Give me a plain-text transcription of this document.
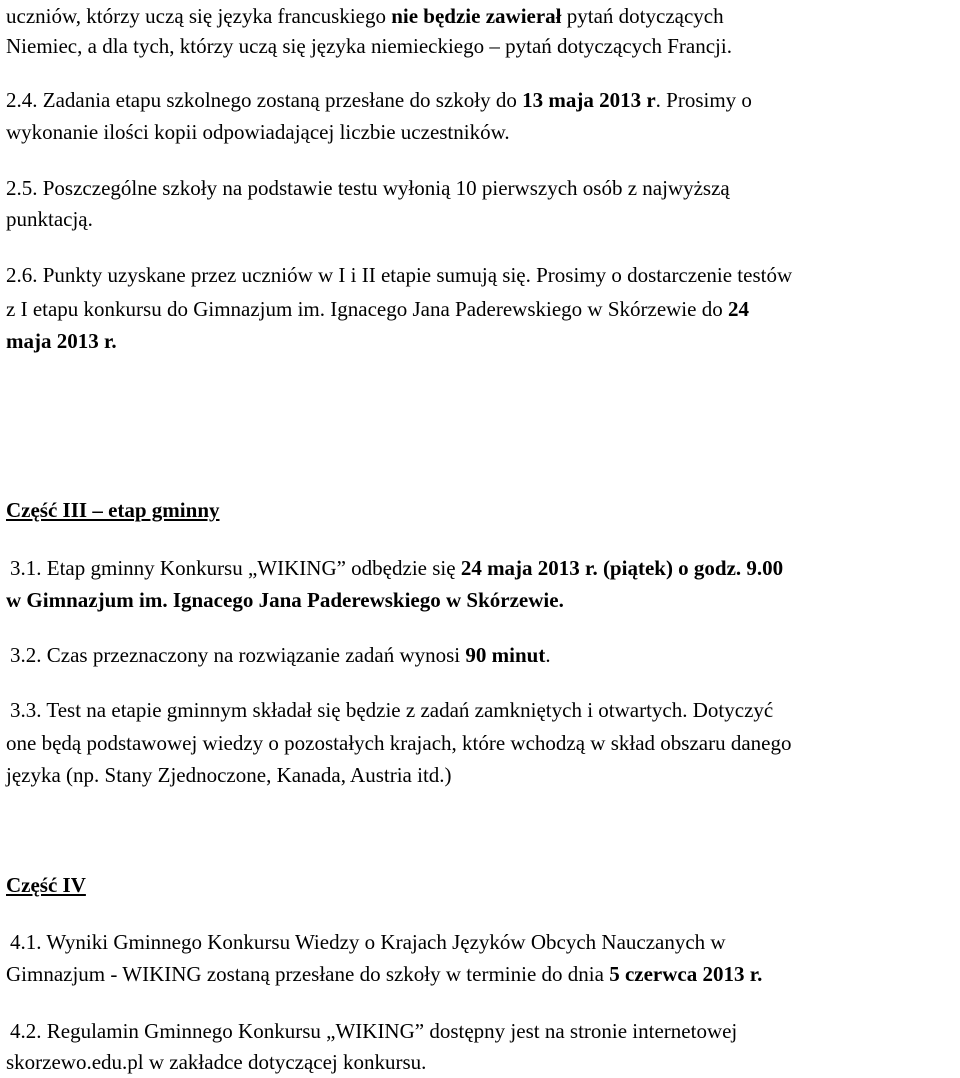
uczniów, którzy uczą się języka francuskiego nie będzie zawierał pytań dotyczących

Niemiec, a dla tych, którzy uczą się języka niemieckiego – pytań dotyczących Francji.

2.4. Zadania etapu szkolnego zostaną przesłane do szkoły do 13 maja 2013 r. Prosimy o

wykonanie ilości kopii odpowiadającej liczbie uczestników.

2.5. Poszczególne szkoły na podstawie testu wyłonią 10 pierwszych osób z najwyższą

punktacją.

2.6. Punkty uzyskane przez uczniów w I i II etapie sumują się. Prosimy o dostarczenie testów

z I etapu konkursu do Gimnazjum im. Ignacego Jana Paderewskiego w Skórzewie do 24

maja 2013 r.

Część III – etap gminny

3.1. Etap gminny Konkursu „WIKING” odbędzie się 24 maja 2013 r. (piątek) o godz. 9.00

w Gimnazjum im. Ignacego Jana Paderewskiego w Skórzewie.

3.2. Czas przeznaczony na rozwiązanie zadań wynosi 90 minut.

3.3. Test na etapie gminnym składał się będzie z zadań zamkniętych i otwartych. Dotyczyć

one będą podstawowej wiedzy o pozostałych krajach, które wchodzą w skład obszaru danego

języka (np. Stany Zjednoczone, Kanada, Austria itd.)

Część IV

4.1. Wyniki Gminnego Konkursu Wiedzy o Krajach Języków Obcych Nauczanych w

Gimnazjum - WIKING zostaną przesłane do szkoły w terminie do dnia 5 czerwca 2013 r.

4.2. Regulamin Gminnego Konkursu „WIKING” dostępny jest na stronie internetowej

skorzewo.edu.pl w zakładce dotyczącej konkursu.
